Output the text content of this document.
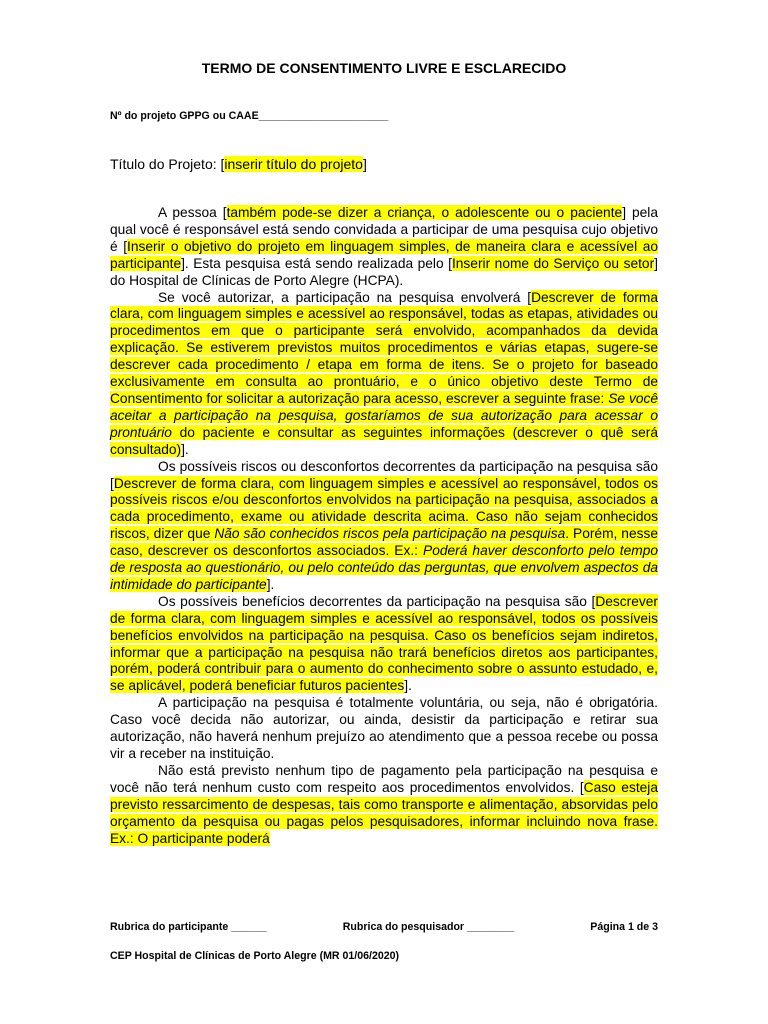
TERMO DE CONSENTIMENTO LIVRE E ESCLARECIDO
Nº do projeto GPPG ou CAAE______________________
Título do Projeto: [inserir título do projeto]

A pessoa [também pode-se dizer a criança, o adolescente ou o paciente] pela qual você é responsável está sendo convidada a participar de uma pesquisa cujo objetivo é [Inserir o objetivo do projeto em linguagem simples, de maneira clara e acessível ao participante]. Esta pesquisa está sendo realizada pelo [Inserir nome do Serviço ou setor] do Hospital de Clínicas de Porto Alegre (HCPA).

Se você autorizar, a participação na pesquisa envolverá [Descrever de forma clara, com linguagem simples e acessível ao responsável, todas as etapas, atividades ou procedimentos em que o participante será envolvido, acompanhados da devida explicação. Se estiverem previstos muitos procedimentos e várias etapas, sugere-se descrever cada procedimento / etapa em forma de itens. Se o projeto for baseado exclusivamente em consulta ao prontuário, e o único objetivo deste Termo de Consentimento for solicitar a autorização para acesso, escrever a seguinte frase: Se você aceitar a participação na pesquisa, gostaríamos de sua autorização para acessar o prontuário do paciente e consultar as seguintes informações (descrever o quê será consultado)].

Os possíveis riscos ou desconfortos decorrentes da participação na pesquisa são [Descrever de forma clara, com linguagem simples e acessível ao responsável, todos os possíveis riscos e/ou desconfortos envolvidos na participação na pesquisa, associados a cada procedimento, exame ou atividade descrita acima. Caso não sejam conhecidos riscos, dizer que Não são conhecidos riscos pela participação na pesquisa. Porém, nesse caso, descrever os desconfortos associados. Ex.: Poderá haver desconforto pelo tempo de resposta ao questionário, ou pelo conteúdo das perguntas, que envolvem aspectos da intimidade do participante].

Os possíveis benefícios decorrentes da participação na pesquisa são [Descrever de forma clara, com linguagem simples e acessível ao responsável, todos os possíveis benefícios envolvidos na participação na pesquisa. Caso os benefícios sejam indiretos, informar que a participação na pesquisa não trará benefícios diretos aos participantes, porém, poderá contribuir para o aumento do conhecimento sobre o assunto estudado, e, se aplicável, poderá beneficiar futuros pacientes].

A participação na pesquisa é totalmente voluntária, ou seja, não é obrigatória. Caso você decida não autorizar, ou ainda, desistir da participação e retirar sua autorização, não haverá nenhum prejuízo ao atendimento que a pessoa recebe ou possa vir a receber na instituição.

Não está previsto nenhum tipo de pagamento pela participação na pesquisa e você não terá nenhum custo com respeito aos procedimentos envolvidos. [Caso esteja previsto ressarcimento de despesas, tais como transporte e alimentação, absorvidas pelo orçamento da pesquisa ou pagas pelos pesquisadores, informar incluindo nova frase. Ex.: O participante poderá

Rubrica do participante ______	Rubrica do pesquisador ________	Página 1 de 3
CEP Hospital de Clínicas de Porto Alegre (MR 01/06/2020)
